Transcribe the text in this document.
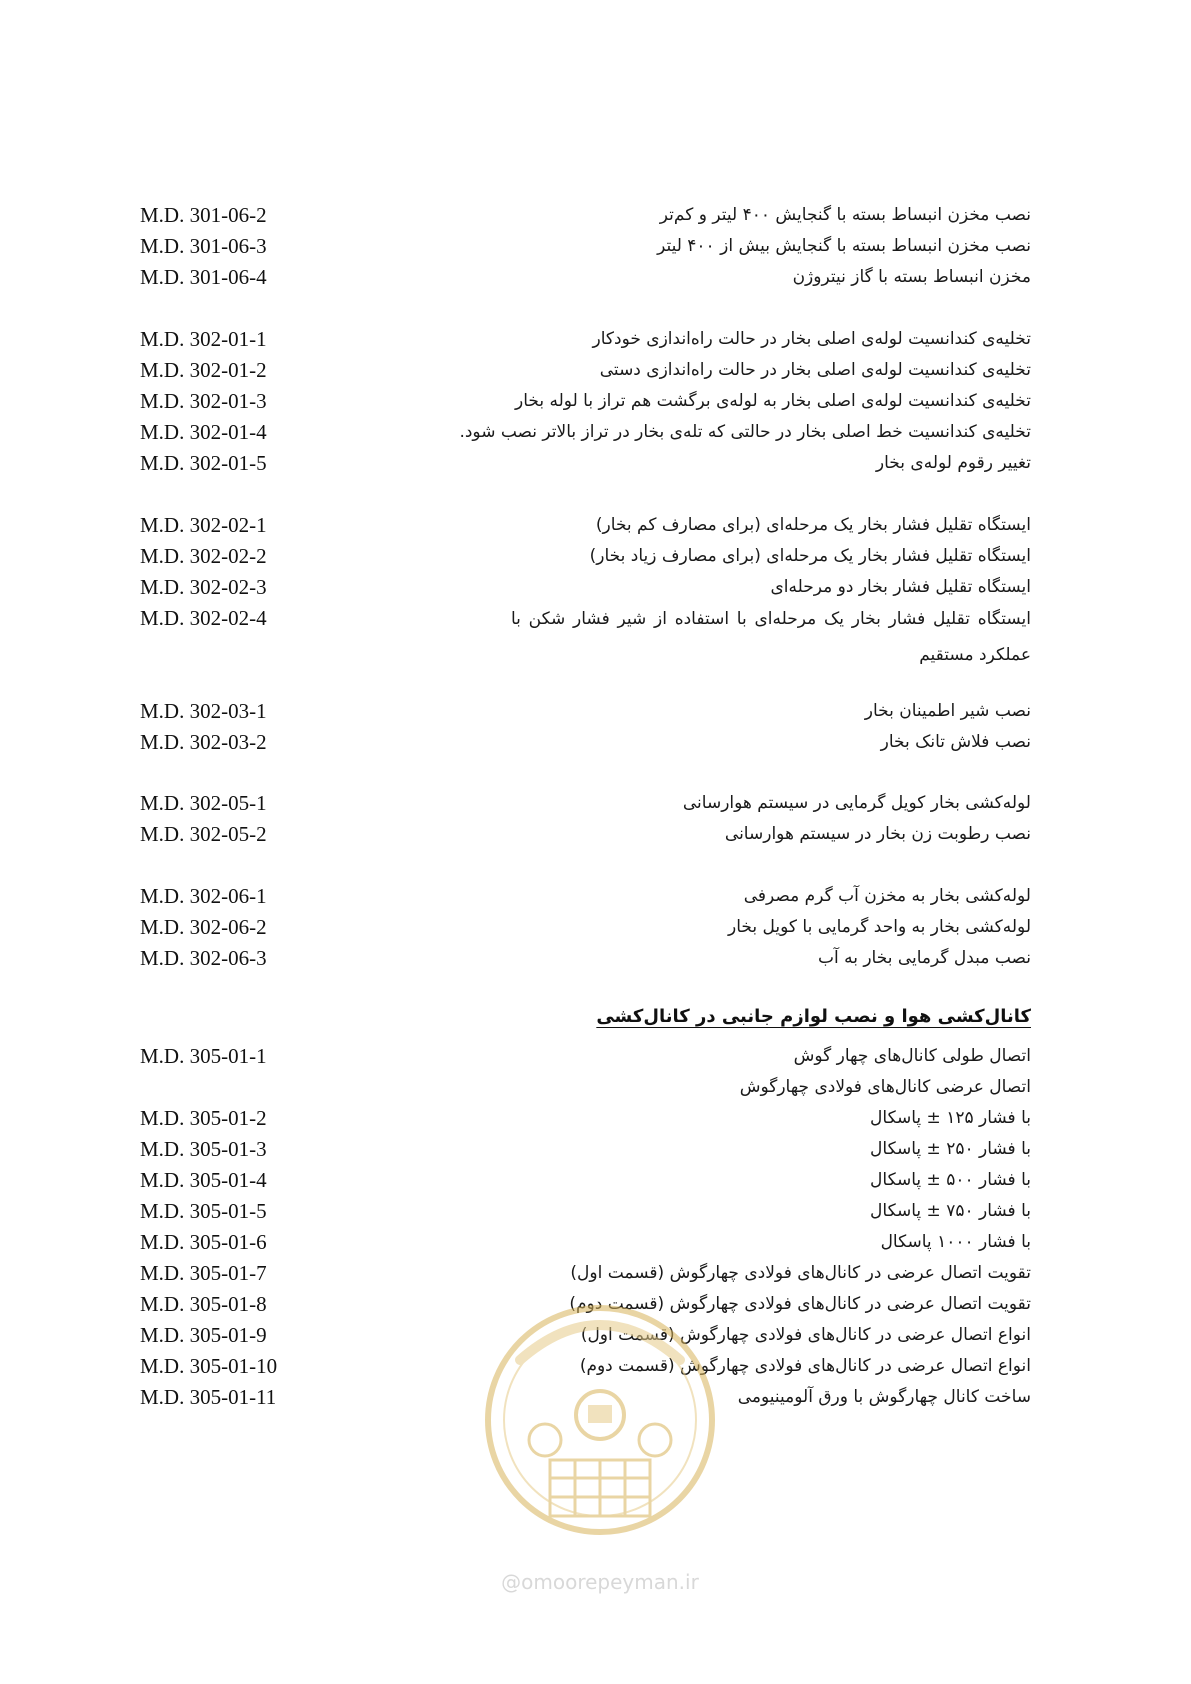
نصب مخزن انبساط بسته با گنجایش ۴۰۰ لیتر و کم‌تر
M.D. 301-06-2
نصب مخزن انبساط بسته با گنجایش بیش از ۴۰۰ لیتر
M.D. 301-06-3
مخزن انبساط بسته با گاز نیتروژن
M.D. 301-06-4
تخلیه‌ی کندانسیت لوله‌ی اصلی بخار در حالت راه‌اندازی خودکار
M.D. 302-01-1
تخلیه‌ی کندانسیت لوله‌ی اصلی بخار در حالت راه‌اندازی دستی
M.D. 302-01-2
تخلیه‌ی کندانسیت لوله‌ی اصلی بخار به لوله‌ی برگشت هم تراز با لوله بخار
M.D. 302-01-3
تخلیه‌ی کندانسیت خط اصلی بخار در حالتی که تله‌ی بخار در تراز بالاتر نصب شود.
M.D. 302-01-4
تغییر رقوم لوله‌ی بخار
M.D. 302-01-5
ایستگاه تقلیل فشار بخار یک مرحله‌ای (برای مصارف کم بخار)
M.D. 302-02-1
ایستگاه تقلیل فشار بخار یک مرحله‌ای (برای مصارف زیاد بخار)
M.D. 302-02-2
ایستگاه تقلیل فشار بخار دو مرحله‌ای
M.D. 302-02-3
ایستگاه تقلیل فشار بخار یک مرحله‌ای با استفاده از شیر فشار شکن با عملکرد مستقیم
M.D. 302-02-4
نصب شیر اطمینان بخار
M.D. 302-03-1
نصب فلاش تانک بخار
M.D. 302-03-2
لوله‌کشی بخار کویل گرمایی در سیستم هوارسانی
M.D. 302-05-1
نصب رطوبت زن بخار در سیستم هوارسانی
M.D. 302-05-2
لوله‌کشی بخار به مخزن آب گرم مصرفی
M.D. 302-06-1
لوله‌کشی بخار به واحد گرمایی با کویل بخار
M.D. 302-06-2
نصب مبدل گرمایی بخار به آب
M.D. 302-06-3
کانال‌کشی هوا و نصب لوازم جانبی در کانال‌کشی
اتصال طولی کانال‌های چهار گوش
M.D. 305-01-1
اتصال عرضی کانال‌های فولادی چهارگوش
با فشار ۱۲۵ ± پاسکال
M.D. 305-01-2
با فشار ۲۵۰ ± پاسکال
M.D. 305-01-3
با فشار ۵۰۰ ± پاسکال
M.D. 305-01-4
با فشار ۷۵۰ ± پاسکال
M.D. 305-01-5
با فشار ۱۰۰۰ پاسکال
M.D. 305-01-6
تقویت اتصال عرضی در کانال‌های فولادی چهارگوش (قسمت اول)
M.D. 305-01-7
تقویت اتصال عرضی در کانال‌های فولادی چهارگوش (قسمت دوم)
M.D. 305-01-8
انواع اتصال عرضی در کانال‌های فولادی چهارگوش (قسمت اول)
M.D. 305-01-9
انواع اتصال عرضی در کانال‌های فولادی چهارگوش (قسمت دوم)
M.D. 305-01-10
ساخت کانال چهارگوش با ورق آلومینیومی
M.D. 305-01-11
@omoorepeyman.ir
